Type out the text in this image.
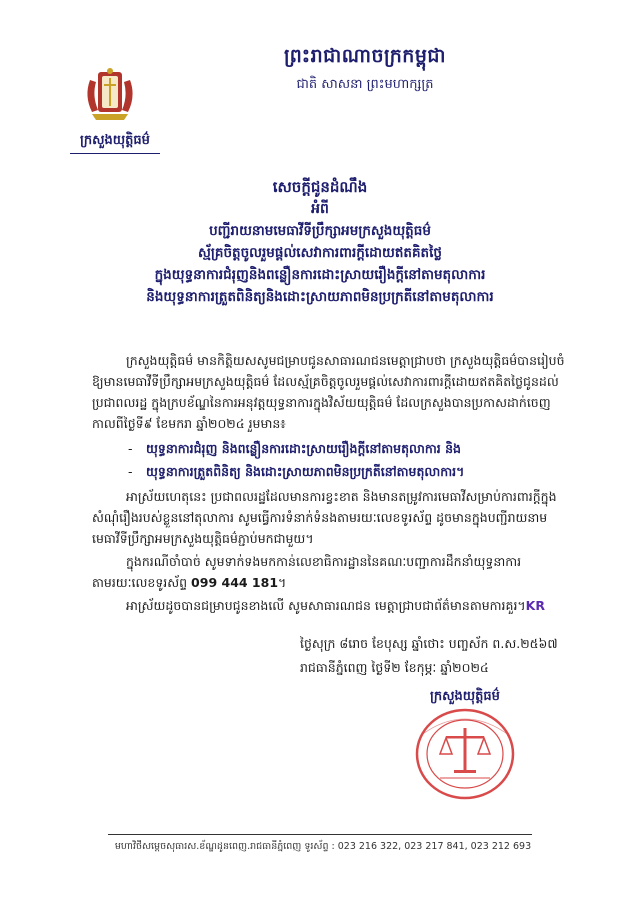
ព្រះរាជាណាចក្រកម្ពុជា
ជាតិ សាសនា ព្រះមហាក្សត្រ
ក្រសួងយុត្តិធម៌
សេចក្ដីជូនដំណឹង
អំពី
បញ្ជីរាយនាមមេធាវីទីប្រឹក្សាអមក្រសួងយុត្តិធម៌
ស្ម័គ្រចិត្តចូលរួមផ្ដល់សេវាការពារក្ដីដោយឥតគិតថ្លៃ
ក្នុងយុទ្ធនាការជំរុញនិងពន្លឿនការដោះស្រាយរឿងក្ដីនៅតាមតុលាការ
និងយុទ្ធនាការត្រួតពិនិត្យនិងដោះស្រាយភាពមិនប្រក្រតីនៅតាមតុលាការ

ក្រសួងយុត្តិធម៌ មានកិត្តិយសសូមជម្រាបជូនសាធារណជនមេត្តាជ្រាបថា ក្រសួងយុត្តិធម៌បានរៀបចំឱ្យមានមេធាវីទីប្រឹក្សាអមក្រសួងយុត្តិធម៌ ដែលស្ម័គ្រចិត្តចូលរួមផ្ដល់សេវាការពារក្ដីដោយឥតគិតថ្លៃជូនដល់ប្រជាពលរដ្ឋ ក្នុងក្របខ័ណ្ឌនៃការអនុវត្តយុទ្ធនាការក្នុងវិស័យយុត្តិធម៌ ដែលក្រសួងបានប្រកាសដាក់ចេញកាលពីថ្ងៃទី៩ ខែមករា ឆ្នាំ២០២៤ រួមមាន៖

- យុទ្ធនាការជំរុញ និងពន្លឿនការដោះស្រាយរឿងក្ដីនៅតាមតុលាការ និង
- យុទ្ធនាការត្រួតពិនិត្យ និងដោះស្រាយភាពមិនប្រក្រតីនៅតាមតុលាការ។

អាស្រ័យហេតុនេះ ប្រជាពលរដ្ឋដែលមានការខ្វះខាត និងមានតម្រូវការមេធាវីសម្រាប់ការពារក្ដីក្នុងសំណុំរឿងរបស់ខ្លួននៅតុលាការ សូមធ្វើការទំនាក់ទំនងតាមរយៈលេខទូរស័ព្ទ ដូចមានក្នុងបញ្ជីរាយនាមមេធាវីទីប្រឹក្សាអមក្រសួងយុត្តិធម៌ភ្ជាប់មកជាមួយ។

ក្នុងករណីចាំបាច់ សូមទាក់ទងមកកាន់លេខាធិការដ្ឋាននៃគណៈបញ្ជាការដឹកនាំយុទ្ធនាការ តាមរយៈលេខទូរស័ព្ទ 099 444 181។

អាស្រ័យដូចបានជម្រាបជូនខាងលើ សូមសាធារណជន មេត្តាជ្រាបជាព័ត៌មានតាមការគួរ។KR

ថ្ងៃសុក្រ ៨រោច ខែបុស្ស ឆ្នាំថោះ បញ្ចស័ក ព.ស.២៥៦៧
រាជធានីភ្នំពេញ ថ្ងៃទី២ ខែកុម្ភៈ ឆ្នាំ២០២៤
ក្រសួងយុត្តិធម៌
មហាវិថីសម្ដេចសុធារស.ខ័ណ្ឌដូនពេញ.រាជធានីភ្នំពេញ ទូរស័ព្ទ : 023 216 322, 023 217 841, 023 212 693
